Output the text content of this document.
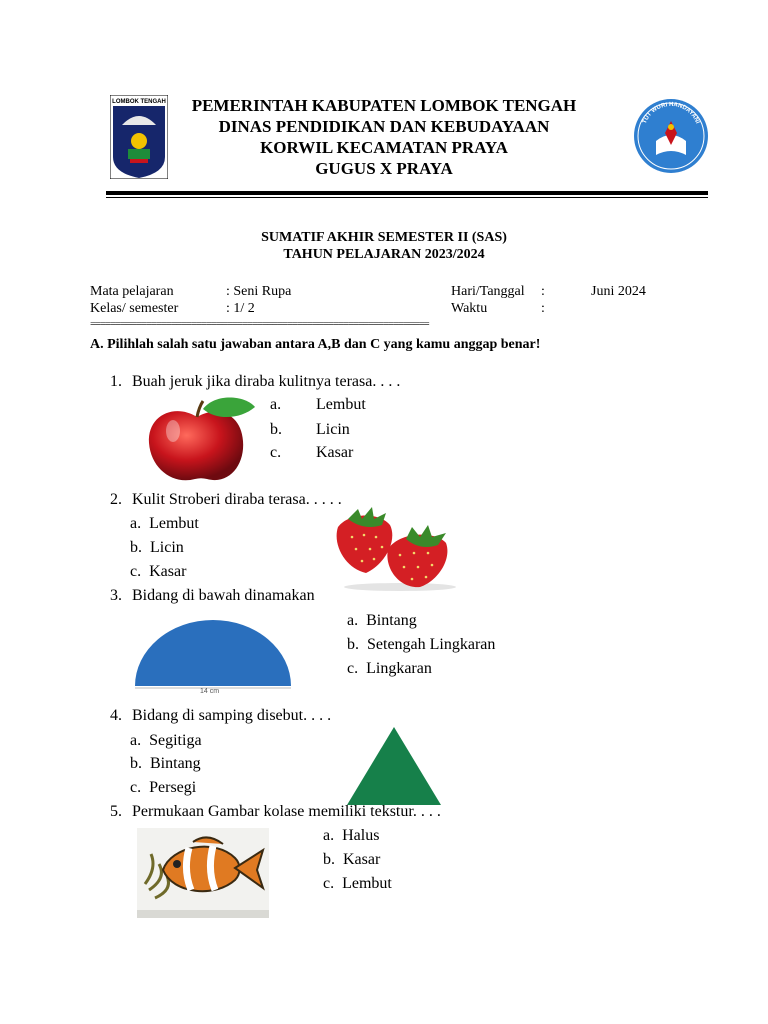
LOMBOK TENGAH	PEMERINTAH KABUPATEN LOMBOK TENGAH
DINAS PENDIDIKAN DAN KEBUDAYAAN
KORWIL KECAMATAN PRAYA
GUGUS X PRAYA
TUT WURI HANDAYANI
SUMATIF AKHIR SEMESTER II (SAS)
TAHUN PELAJARAN 2023/2024
Mata pelajaran	: Seni Rupa	Hari/Tanggal :	Juni 2024
Kelas/ semester	: 1/ 2	Waktu	:
===================================================================
A. Pilihlah salah satu jawaban antara A,B dan C yang kamu anggap benar!
1. Buah jeruk jika diraba kulitnya terasa. . . .
a. Lembut
b. Licin
c. Kasar
2. Kulit Stroberi diraba terasa. . . . .
a. Lembut
b. Licin
c. Kasar
3. Bidang di bawah dinamakan
14 cm
a. Bintang
b. Setengah Lingkaran
c. Lingkaran
4. Bidang di samping disebut. . . .
a. Segitiga
b. Bintang
c. Persegi
5. Permukaan Gambar kolase memiliki tekstur. . . .
a. Halus
b. Kasar
c. Lembut
